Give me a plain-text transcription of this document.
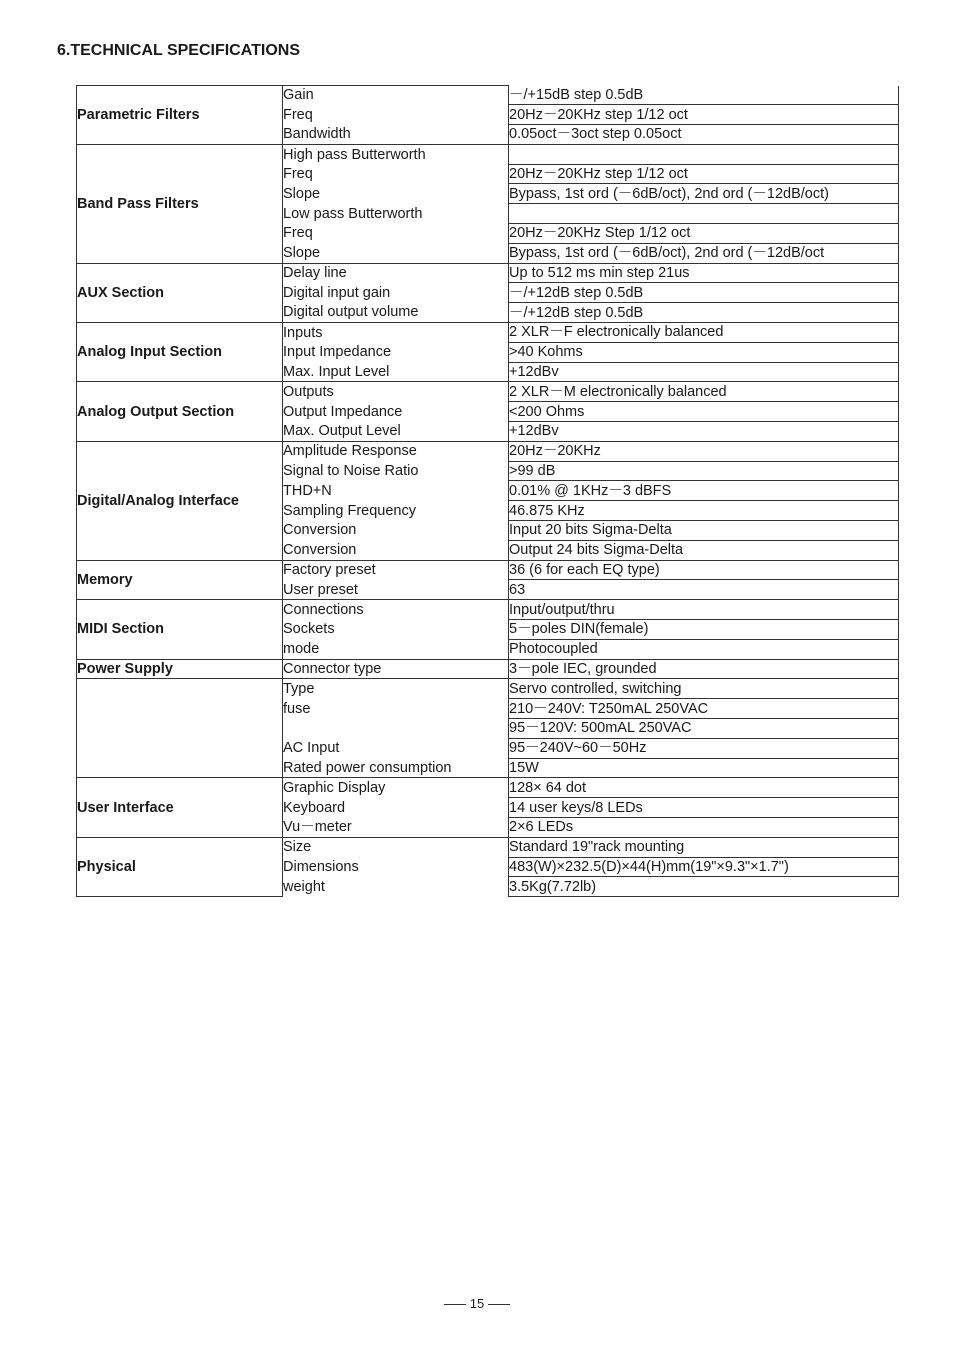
6.TECHNICAL SPECIFICATIONS
Parametric Filters	Gain	－/+15dB step 0.5dB
	Freq	20Hz－20KHz step 1/12 oct
	Bandwidth	0.05oct－3oct step 0.05oct
Band Pass Filters	High pass Butterworth	
	Freq	20Hz－20KHz step 1/12 oct
	Slope	Bypass, 1st ord (－6dB/oct), 2nd ord (－12dB/oct)
	Low pass Butterworth	
	Freq	20Hz－20KHz Step 1/12 oct
	Slope	Bypass, 1st ord (－6dB/oct), 2nd ord (－12dB/oct
AUX Section	Delay line	Up to 512 ms min step 21us
	Digital input gain	－/+12dB step 0.5dB
	Digital output volume	－/+12dB step 0.5dB
Analog Input Section	Inputs	2 XLR－F electronically balanced
	Input Impedance	>40 Kohms
	Max. Input Level	+12dBv
Analog Output Section	Outputs	2 XLR－M electronically balanced
	Output Impedance	<200 Ohms
	Max. Output Level	+12dBv
Digital/Analog Interface	Amplitude Response	20Hz－20KHz
	Signal to Noise Ratio	>99 dB
	THD+N	0.01% @ 1KHz－3 dBFS
	Sampling Frequency	46.875 KHz
	Conversion	Input 20 bits Sigma-Delta
	Conversion	Output 24 bits Sigma-Delta
Memory	Factory preset	36 (6 for each EQ type)
	User preset	63
MIDI Section	Connections	Input/output/thru
	Sockets	5－poles DIN(female)
	mode	Photocoupled
Power Supply	Connector type	3－pole IEC, grounded
	Type	Servo controlled, switching
	fuse	210－240V: T250mAL 250VAC
		95－120V: 500mAL 250VAC
	AC Input	95－240V~60－50Hz
	Rated power consumption	15W
User Interface	Graphic Display	128× 64 dot
	Keyboard	14 user keys/8 LEDs
	Vu－meter	2×6 LEDs
Physical	Size	Standard 19"rack mounting
	Dimensions	483(W)×232.5(D)×44(H)mm(19"×9.3"×1.7")
	weight	3.5Kg(7.72lb)
15
